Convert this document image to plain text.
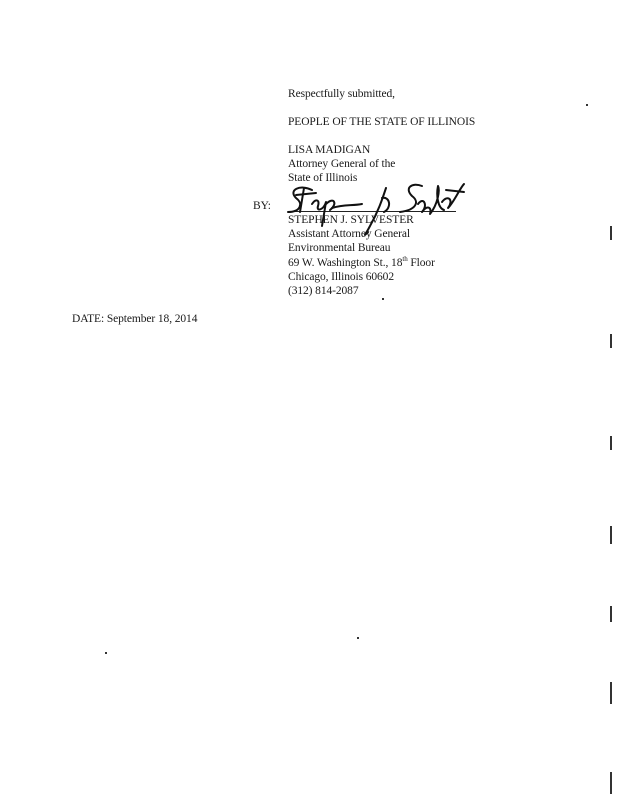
Respectfully submitted,
PEOPLE OF THE STATE OF ILLINOIS
LISA MADIGAN
Attorney General of the
State of Illinois
BY:
STEPHEN J. SYLVESTER
Assistant Attorney General
Environmental Bureau
69 W. Washington St., 18th Floor
Chicago, Illinois 60602
(312) 814-2087
DATE: September 18, 2014
